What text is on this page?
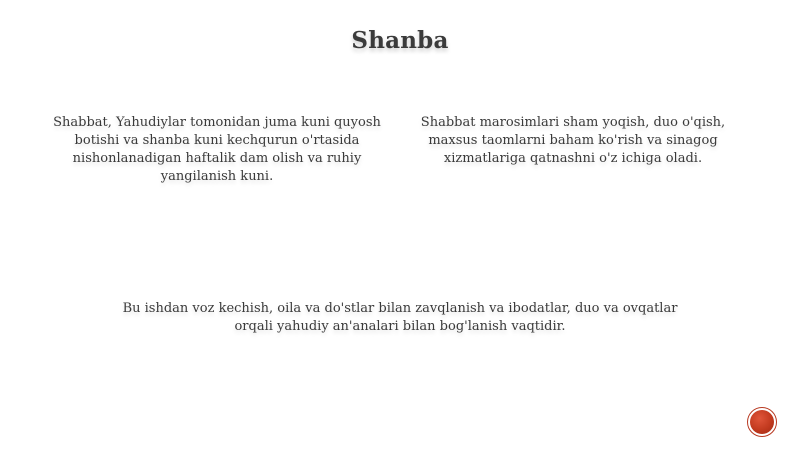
Shanba
Shabbat, Yahudiylar tomonidan juma kuni quyosh botishi va shanba kuni kechqurun o'rtasida nishonlanadigan haftalik dam olish va ruhiy yangilanish kuni.
Shabbat marosimlari sham yoqish, duo o'qish, maxsus taomlarni baham ko'rish va sinagog xizmatlariga qatnashni o'z ichiga oladi.
Bu ishdan voz kechish, oila va do'stlar bilan zavqlanish va ibodatlar, duo va ovqatlar orqali yahudiy an'analari bilan bog'lanish vaqtidir.
